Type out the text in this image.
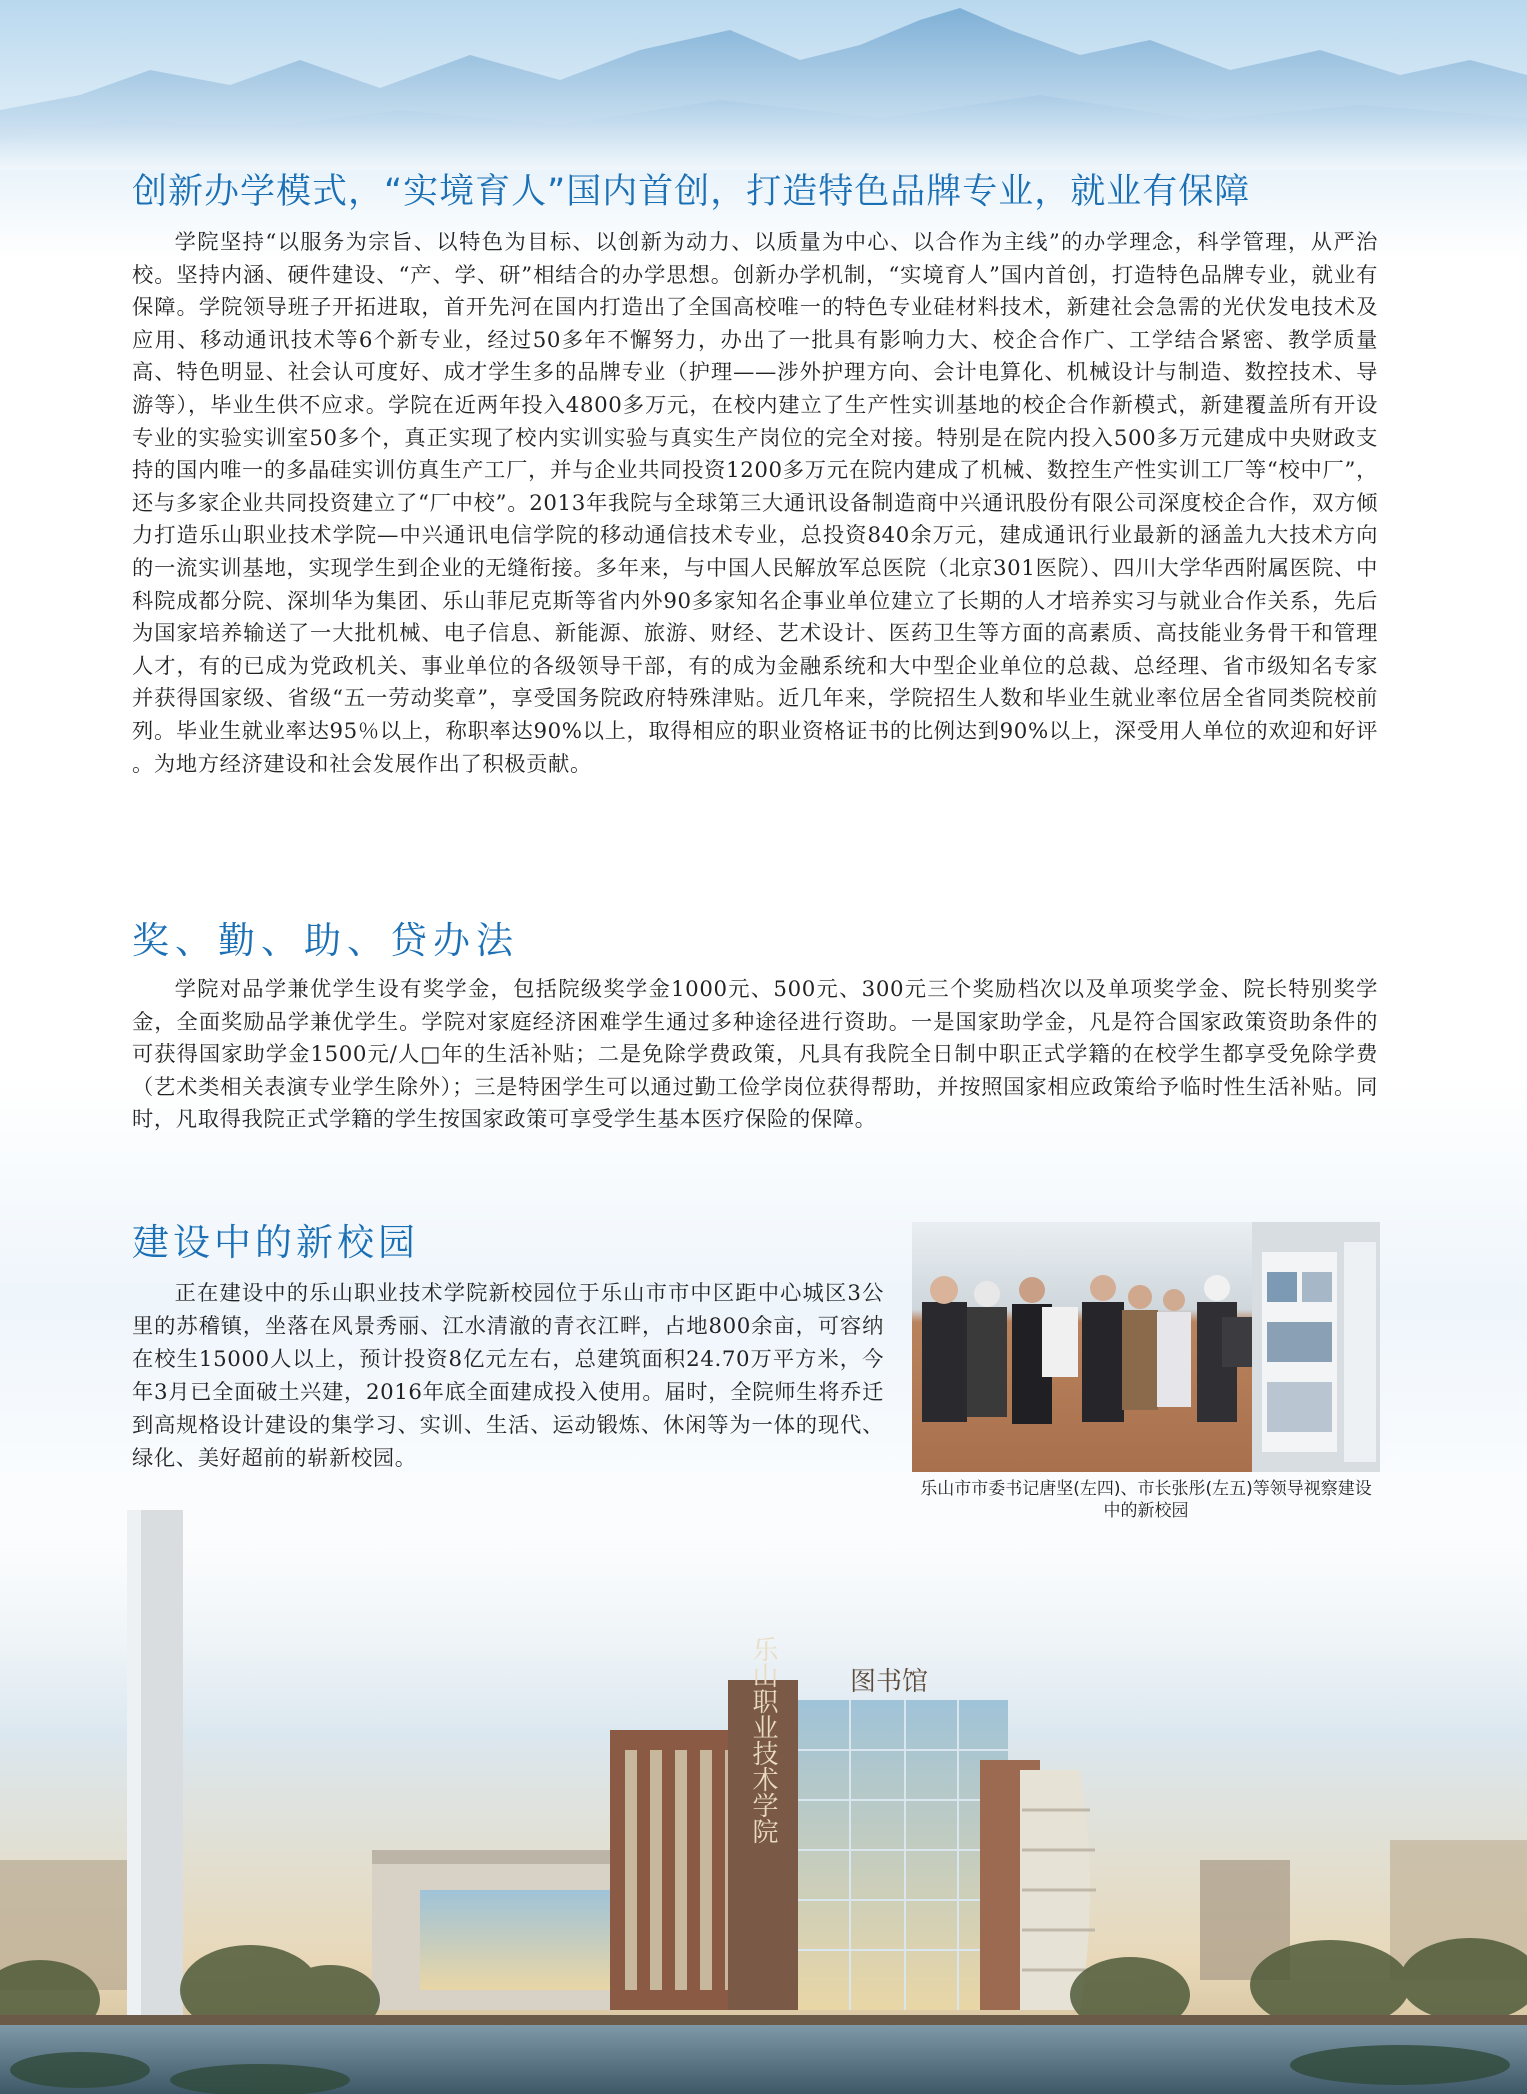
乐山职业技术学院	图书馆
创新办学模式，“实境育人”国内首创，打造特色品牌专业，就业有保障

学院坚持“以服务为宗旨、以特色为目标、以创新为动力、以质量为中心、以合作为主线”的办学理念，科学管理，从严治校。坚持内涵、硬件建设、“产、学、研”相结合的办学思想。创新办学机制，“实境育人”国内首创，打造特色品牌专业，就业有保障。学院领导班子开拓进取，首开先河在国内打造出了全国高校唯一的特色专业硅材料技术，新建社会急需的光伏发电技术及应用、移动通讯技术等6个新专业，经过50多年不懈努力，办出了一批具有影响力大、校企合作广、工学结合紧密、教学质量高、特色明显、社会认可度好、成才学生多的品牌专业（护理——涉外护理方向、会计电算化、机械设计与制造、数控技术、导游等），毕业生供不应求。学院在近两年投入4800多万元，在校内建立了生产性实训基地的校企合作新模式，新建覆盖所有开设专业的实验实训室50多个，真正实现了校内实训实验与真实生产岗位的完全对接。特别是在院内投入500多万元建成中央财政支持的国内唯一的多晶硅实训仿真生产工厂，并与企业共同投资1200多万元在院内建成了机械、数控生产性实训工厂等“校中厂”，还与多家企业共同投资建立了“厂中校”。2013年我院与全球第三大通讯设备制造商中兴通讯股份有限公司深度校企合作，双方倾力打造乐山职业技术学院—中兴通讯电信学院的移动通信技术专业，总投资840余万元，建成通讯行业最新的涵盖九大技术方向的一流实训基地，实现学生到企业的无缝衔接。多年来，与中国人民解放军总医院（北京301医院）、四川大学华西附属医院、中科院成都分院、深圳华为集团、乐山菲尼克斯等省内外90多家知名企事业单位建立了长期的人才培养实习与就业合作关系，先后为国家培养输送了一大批机械、电子信息、新能源、旅游、财经、艺术设计、医药卫生等方面的高素质、高技能业务骨干和管理人才，有的已成为党政机关、事业单位的各级领导干部，有的成为金融系统和大中型企业单位的总裁、总经理、省市级知名专家并获得国家级、省级“五一劳动奖章”，享受国务院政府特殊津贴。近几年来，学院招生人数和毕业生就业率位居全省同类院校前列。毕业生就业率达95％以上，称职率达90%以上，取得相应的职业资格证书的比例达到90%以上，深受用人单位的欢迎和好评 。为地方经济建设和社会发展作出了积极贡献。

奖、勤、助、贷办法

学院对品学兼优学生设有奖学金，包括院级奖学金1000元、500元、300元三个奖励档次以及单项奖学金、院长特别奖学金，全面奖励品学兼优学生。学院对家庭经济困难学生通过多种途径进行资助。一是国家助学金，凡是符合国家政策资助条件的可获得国家助学金1500元/人□年的生活补贴；二是免除学费政策，凡具有我院全日制中职正式学籍的在校学生都享受免除学费（艺术类相关表演专业学生除外）；三是特困学生可以通过勤工俭学岗位获得帮助，并按照国家相应政策给予临时性生活补贴。同时，凡取得我院正式学籍的学生按国家政策可享受学生基本医疗保险的保障。

建设中的新校园

正在建设中的乐山职业技术学院新校园位于乐山市市中区距中心城区3公里的苏稽镇，坐落在风景秀丽、江水清澈的青衣江畔，占地800余亩，可容纳在校生15000人以上，预计投资8亿元左右，总建筑面积24.70万平方米，今年3月已全面破土兴建，2016年底全面建成投入使用。届时，全院师生将乔迁到高规格设计建设的集学习、实训、生活、运动锻炼、休闲等为一体的现代、绿化、美好超前的崭新校园。

乐山市市委书记唐坚(左四)、市长张彤(左五)等领导视察建设中的新校园
